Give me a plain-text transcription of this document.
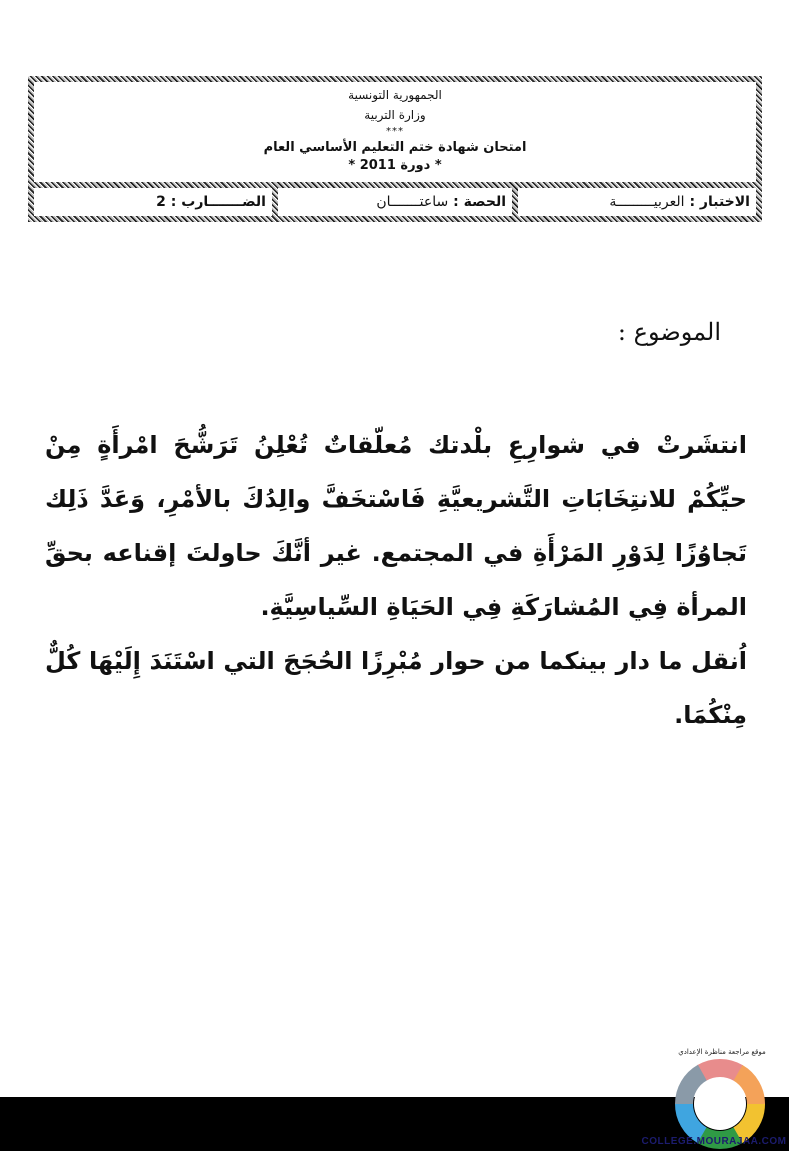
الجمهورية التونسية
وزارة التربية
***
امتحان شهادة ختم التعليم الأساسي العام
* دورة 2011 *
الاختبار : العربيـــــــــة
الحصة : ساعتـــــــان
الضـــــــارب : 2
الموضوع :

انتشَرتْ في شوارِعِ بلْدتك مُعلّقاتٌ تُعْلِنُ تَرَشُّحَ امْرأَةٍ مِنْ حيِّكُمْ للانتِخَابَاتِ التَّشريعيَّةِ فَاسْتخَفَّ والِدُكَ بالأمْرِ، وَعَدَّ ذَلِك تَجاوُزًا لِدَوْرِ المَرْأَةِ في المجتمع. غير أنَّكَ حاولتَ إقناعه بحقِّ المرأة فِي المُشارَكَةِ فِي الحَيَاةِ السِّياسِيَّةِ.

اُنقل ما دار بينكما من حوار مُبْرِزًا الحُجَجَ التي اسْتَنَدَ إِلَيْهَا كُلٌّ مِنْكُمَا.

موقع مراجعة مناظرة الإعدادي
COLLEGE.MOURAJAA.COM
